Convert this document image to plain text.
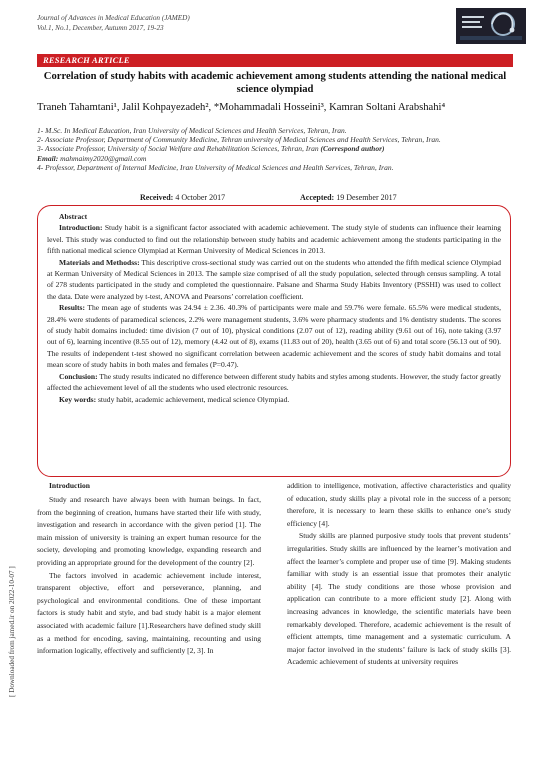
Journal of Advances in Medical Education (JAMED)
Vol.1, No.1, December, Autumn 2017, 19-23
RESEARCH ARTICLE
Correlation of study habits with academic achievement among students attending the national medical science olympiad
Traneh Tahamtani¹, Jalil Kohpayezadeh², *Mohammadali Hosseini³, Kamran Soltani Arabshahi⁴
1- M.Sc. In Medical Education, Iran University of Medical Sciences and Health Services, Tehran, Iran.
2- Associate Professor, Department of Community Medicine, Tehran university of Medical Sciences and Health Services, Tehran, Iran.
3- Associate Professor, University of Social Welfare and Rehabilitation Sciences, Tehran, Iran (Correspond author)
Email: mahmaimy2020@gmail.com
4- Professor, Department of Internal Medicine, Iran University of Medical Sciences and Health Services, Tehran, Iran.
Received: 4 October 2017	Accepted: 19 Desember 2017

Abstract

Introduction: Study habit is a significant factor associated with academic achievement. The study style of students can influence their learning level. This study was conducted to find out the relationship between study habits and academic achievement among the students participating in the fifth national medical science Olympiad at Kerman University of Medical Sciences in 2013.

Materials and Methodss: This descriptive cross-sectional study was carried out on the students who attended the fifth medical science Olympiad at Kerman University of Medical Sciences in 2013. The sample size comprised of all the study population, selected through census sampling. A total of 278 students participated in the study and completed the questionnaire. Palsane and Sharma Study Habits Inventory (PSSHI) was used to collect the data. Date were analyzed by t-test, ANOVA and Pearsons’ correlation coefficient.

Results: The mean age of students was 24.94 ± 2.36. 40.3% of participants were male and 59.7% were female. 65.5% were medical students, 28.4% were students of paramedical sciences, 2.2% were management students, 3.6% were pharmacy students and 1% dentistry students. The scores of study habit domains included: time division (7 out of 10), physical conditions (2.07 out of 12), reading ability (9.61 out of 16), note taking (3.97 out of 6), learning incentive (8.55 out of 12), memory (4.42 out of 8), exams (11.83 out of 20), health (3.65 out of 6) and total score (56.13 out of 90). The results of independent t-test showed no significant correlation between academic achievement and the scores of study habit domains and total mean score of study habits in both males and females (P=0.47).

Conclusion: The study results indicated no difference between different study habits and styles among students. However, the study factor greatly affected the achievement level of all the students who used electronic resources.

Key words: study habit, academic achievement, medical science Olympiad.

Introduction

Study and research have always been with human beings. In fact, from the beginning of creation, humans have started their life with study, investigation and research in accordance with the given period [1]. The main mission of university is training an expert human resource for the society, developing and promoting knowledge, expanding research and providing an appropriate ground for the development of the country [2].

The factors involved in academic achievement include interest, transparent objective, effort and perseverance, planning, and psychological and environmental conditions. One of these important factors is study habit and style, and bad study habit is a major element associated with academic failure [1].Researchers have defined study skill as a method for encoding, saving, maintaining, recounting and using information logically, effectively and sufficiently [2, 3]. In

addition to intelligence, motivation, affective characteristics and quality of education, study skills play a pivotal role in the success of a person; therefore, it is necessary to learn these skills to enhance one’s study efficiency [4].

Study skills are planned purposive study tools that prevent students’ irregularities. Study skills are influenced by the learner’s motivation and affect the learner’s complete and proper use of time [9]. Making students familiar with study is an essential issue that promotes their analytic ability [4]. The study conditions are those whose provision and application can contribute to a more efficient study [2]. Along with increasing advances in knowledge, the scientific materials have been remarkably developed. Therefore, academic achievement is the result of efficient attempts, time management and a systematic curriculum. A major factor involved in the students’ failure is lack of study skills [3]. Academic achievement of students at university requires

[ Downloaded from jamed.ir on 2022-10-07 ]
